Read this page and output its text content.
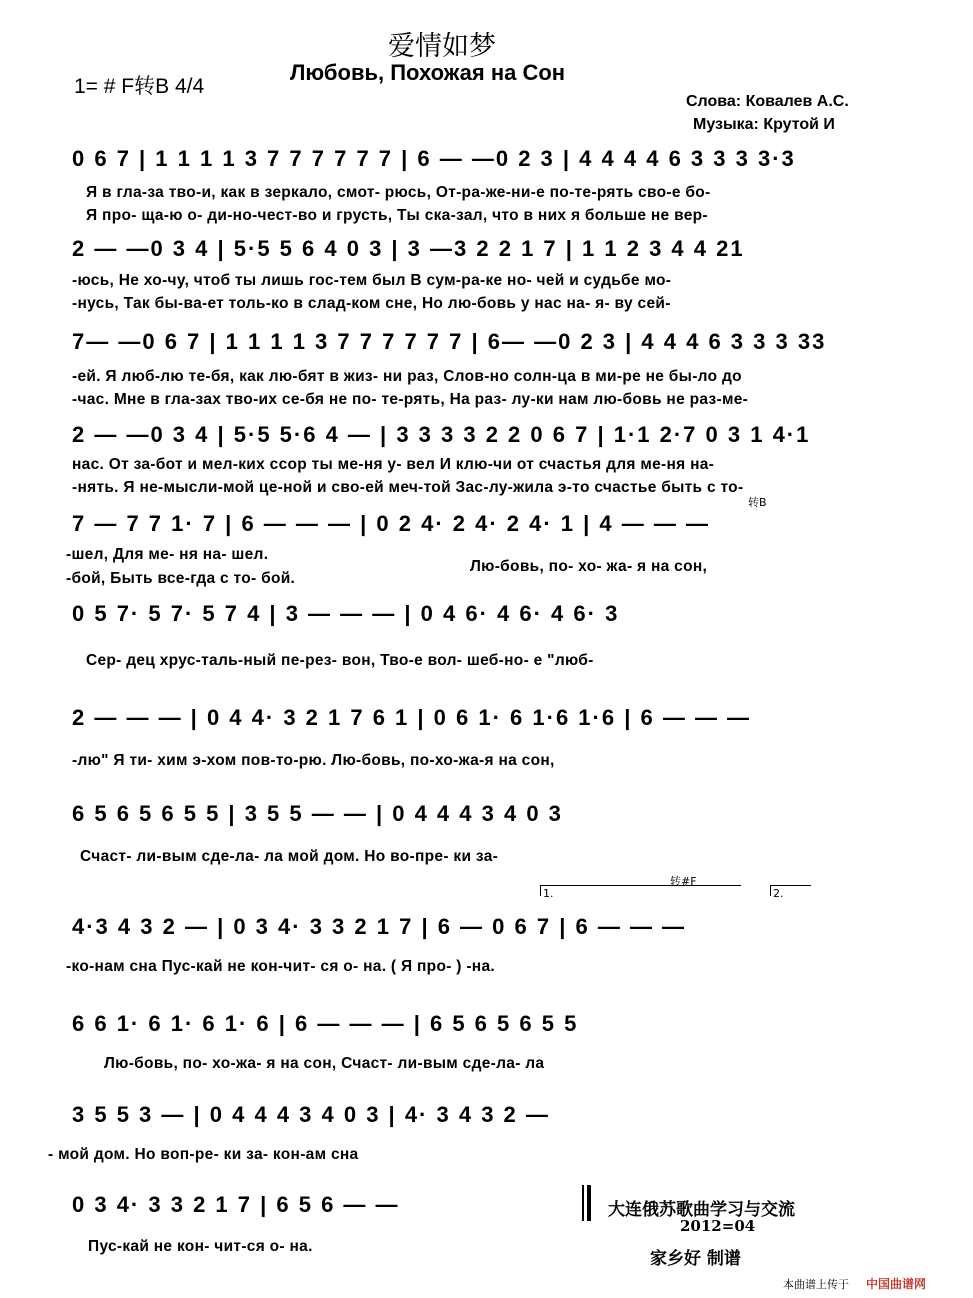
爱情如梦
Любовь, Похожая на Сон
1= # F转B 4/4
Слова: Ковалев А.С.
Музыка: Крутой И
0 6 7 | 1 1 1 1 3 7 7 7 7 7 7 | 6 — —0 2 3 | 4 4 4 4 6 3 3 3 3·3
Я в гла-за тво-и, как в зеркало, смот- рюсь, От-ра-же-ни-е по-те-рять сво-е бо-
Я про- ща-ю о- ди-но-чест-во и грусть, Ты ска-зал, что в них я больше не вер-
2 — —0 3 4 | 5·5 5 6 4 0 3 | 3 —3 2 2 1 7 | 1 1 2 3 4 4 21
-юсь, Не хо-чу, чтоб ты лишь гос-тем был В сум-ра-ке но- чей и судьбе мо-
-нусь, Так бы-ва-ет толь-ко в слад-ком сне, Но лю-бовь у нас на- я- ву сей-
7— —0 6 7 | 1 1 1 1 3 7 7 7 7 7 7 | 6— —0 2 3 | 4 4 4 6 3 3 3 33
-ей. Я люб-лю те-бя, как лю-бят в жиз- ни раз, Слов-но солн-ца в ми-ре не бы-ло до
-час. Мне в гла-зах тво-их се-бя не по- те-рять, На раз- лу-ки нам лю-бовь не раз-ме-
2 — —0 3 4 | 5·5 5·6 4 — | 3 3 3 3 2 2 0 6 7 | 1·1 2·7 0 3 1 4·1
нас. От за-бот и мел-ких ссор ты ме-ня у- вел И клю-чи от счастья для ме-ня на-
-нять. Я не-мысли-мой це-ной и сво-ей меч-той Зас-лу-жила э-то счастье быть с то-
7 — 7 7 1· 7 | 6 — — — | 0 2 4· 2 4· 2 4· 1 | 4 — — —
转B
-шел, Для ме- ня на- шел.
-бой, Быть все-гда с то- бой.
Лю-бовь, по- хо- жа- я на сон,
0 5 7· 5 7· 5 7 4 | 3 — — — | 0 4 6· 4 6· 4 6· 3
Сер- дец хрус-таль-ный пе-рез- вон, Тво-е вол- шеб-но- е "люб-
2 — — — | 0 4 4· 3 2 1 7 6 1 | 0 6 1· 6 1·6 1·6 | 6 — — —
-лю" Я ти- хим э-хом пов-то-рю. Лю-бовь, по-хо-жа-я на сон,
6 5 6 5 6 5 5 | 3 5 5 — — | 0 4 4 4 3 4 0 3
Счаст- ли-вым сде-ла- ла мой дом. Но во-пре- ки за-
1.	2.
转#F
4·3 4 3 2 — | 0 3 4· 3 3 2 1 7 | 6 — 0 6 7 | 6 — — —
-ко-нам сна Пус-кай не кон-чит- ся о- на. ( Я про- ) -на.
6 6 1· 6 1· 6 1· 6 | 6 — — — | 6 5 6 5 6 5 5
Лю-бовь, по- хо-жа- я на сон, Счаст- ли-вым сде-ла- ла
3 5 5 3 — | 0 4 4 4 3 4 0 3 | 4· 3 4 3 2 —
- мой дом. Но воп-ре- ки за- кон-ам сна
0 3 4· 3 3 2 1 7 | 6 5 6 — —
Пус-кай не кон- чит-ся о- на.
大连俄苏歌曲学习与交流
2012=04
家乡好 制谱
本曲谱上传于 中国曲谱网
